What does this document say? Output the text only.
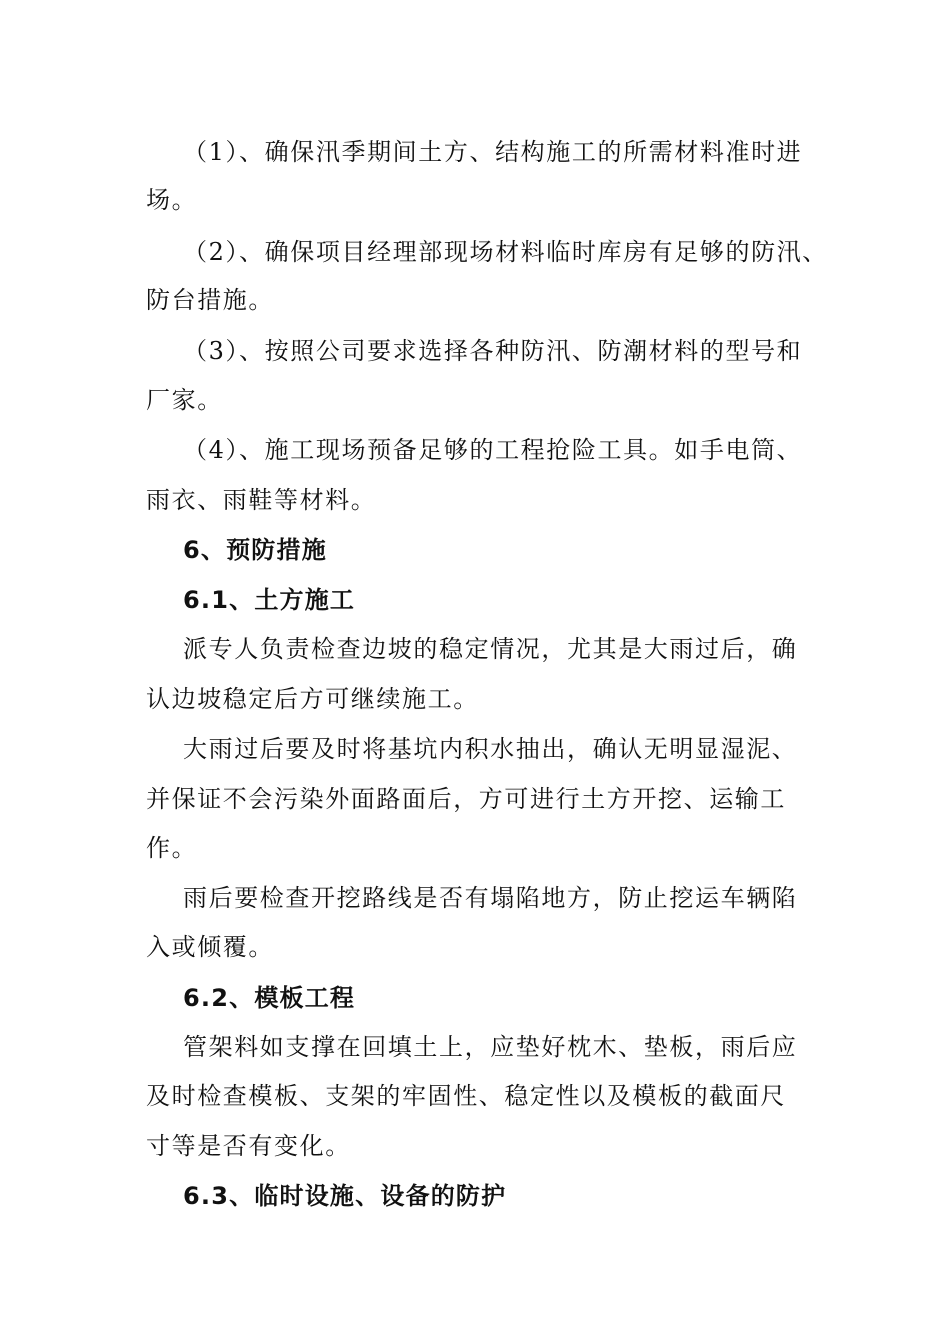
（1）、确保汛季期间土方、结构施工的所需材料准时进

场。

（2）、确保项目经理部现场材料临时库房有足够的防汛、

防台措施。

（3）、按照公司要求选择各种防汛、防潮材料的型号和

厂家。

（4）、施工现场预备足够的工程抢险工具。如手电筒、

雨衣、雨鞋等材料。

6、预防措施

6.1、土方施工

派专人负责检查边坡的稳定情况，尤其是大雨过后，确

认边坡稳定后方可继续施工。

大雨过后要及时将基坑内积水抽出，确认无明显湿泥、

并保证不会污染外面路面后，方可进行土方开挖、运输工

作。

雨后要检查开挖路线是否有塌陷地方，防止挖运车辆陷

入或倾覆。

6.2、模板工程

管架料如支撑在回填土上，应垫好枕木、垫板，雨后应

及时检查模板、支架的牢固性、稳定性以及模板的截面尺

寸等是否有变化。

6.3、临时设施、设备的防护
